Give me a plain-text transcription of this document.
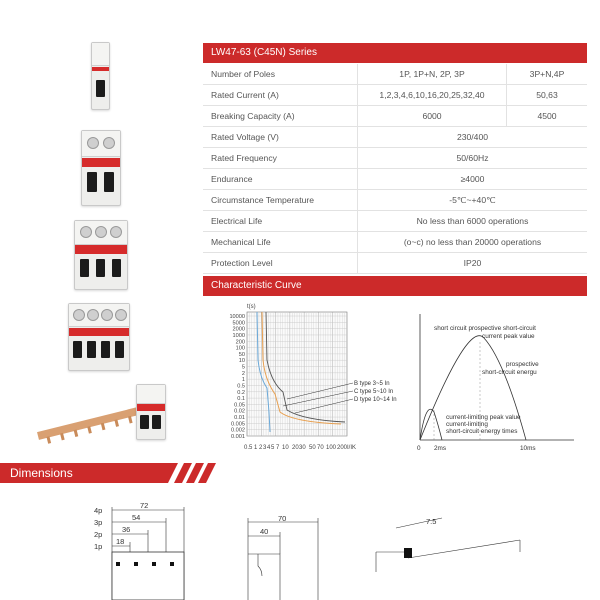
LW47-63 (C45N) Series
Number of Poles	1P, 1P+N, 2P, 3P	3P+N,4P
Rated Current (A)	1,2,3,4,6,10,16,20,25,32,40	50,63
Breaking Capacity (A)	6000	4500
Rated Voltage (V)	230/400	
Rated Frequency	50/60Hz	
Endurance	≥4000	
Circumstance Temperature	-5℃~+40℃	
Electrical Life	No less than 6000 operations	
Mechanical Life	(o~c) no less than 20000 operations	
Protection Level	IP20	
Characteristic Curve
10000
5000
2000
1000
200
100
50
10
5
2
1
0.5
0.2
0.1
0.05
0.02
0.01
0.005
0.002
0.001
0.5 1 2 3 4 5 7 10 20 30 50 70 100 200
t(s)
I/IK
B type 3~5 In
C type 5~10 In
D type 10~14 In
short circuit prospective short-circuit
current peak value
prospective
short-circuit energu
current-limiting peak value
current-limiting
short-circuit energy times
0 2ms	10ms
Dimensions
4p
72
3p
54
2p
36
1p
18
70
40
7.5
